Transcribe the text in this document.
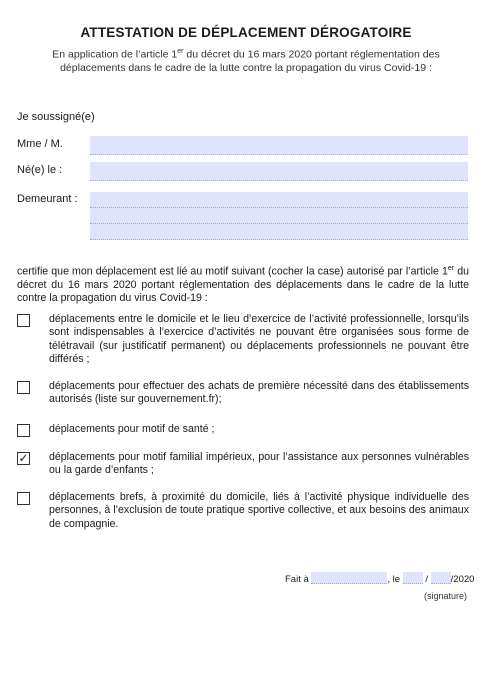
ATTESTATION DE DÉPLACEMENT DÉROGATOIRE
En application de l’article 1er du décret du 16 mars 2020 portant réglementation des déplacements dans le cadre de la lutte contre la propagation du virus Covid-19 :
Je soussigné(e)
Mme / M.
Né(e) le :
Demeurant :
certifie que mon déplacement est lié au motif suivant (cocher la case) autorisé par l’article 1er du décret du 16 mars 2020 portant réglementation des déplacements dans le cadre de la lutte contre la propagation du virus Covid-19 :
déplacements entre le domicile et le lieu d’exercice de l’activité professionnelle, lorsqu’ils sont indispensables à l’exercice d’activités ne pouvant être organisées sous forme de télétravail (sur justificatif permanent) ou déplacements professionnels ne pouvant être différés ;
déplacements pour effectuer des achats de première nécessité dans des établissements autorisés (liste sur gouvernement.fr);
déplacements pour motif de santé ;
✓ déplacements pour motif familial impérieux, pour l’assistance aux personnes vulnérables ou la garde d’enfants ;
déplacements brefs, à proximité du domicile, liés à l’activité physique individuelle des personnes, à l’exclusion de toute pratique sportive collective, et aux besoins des animaux de compagnie.
Fait à	, le	/ /2020
(signature)
